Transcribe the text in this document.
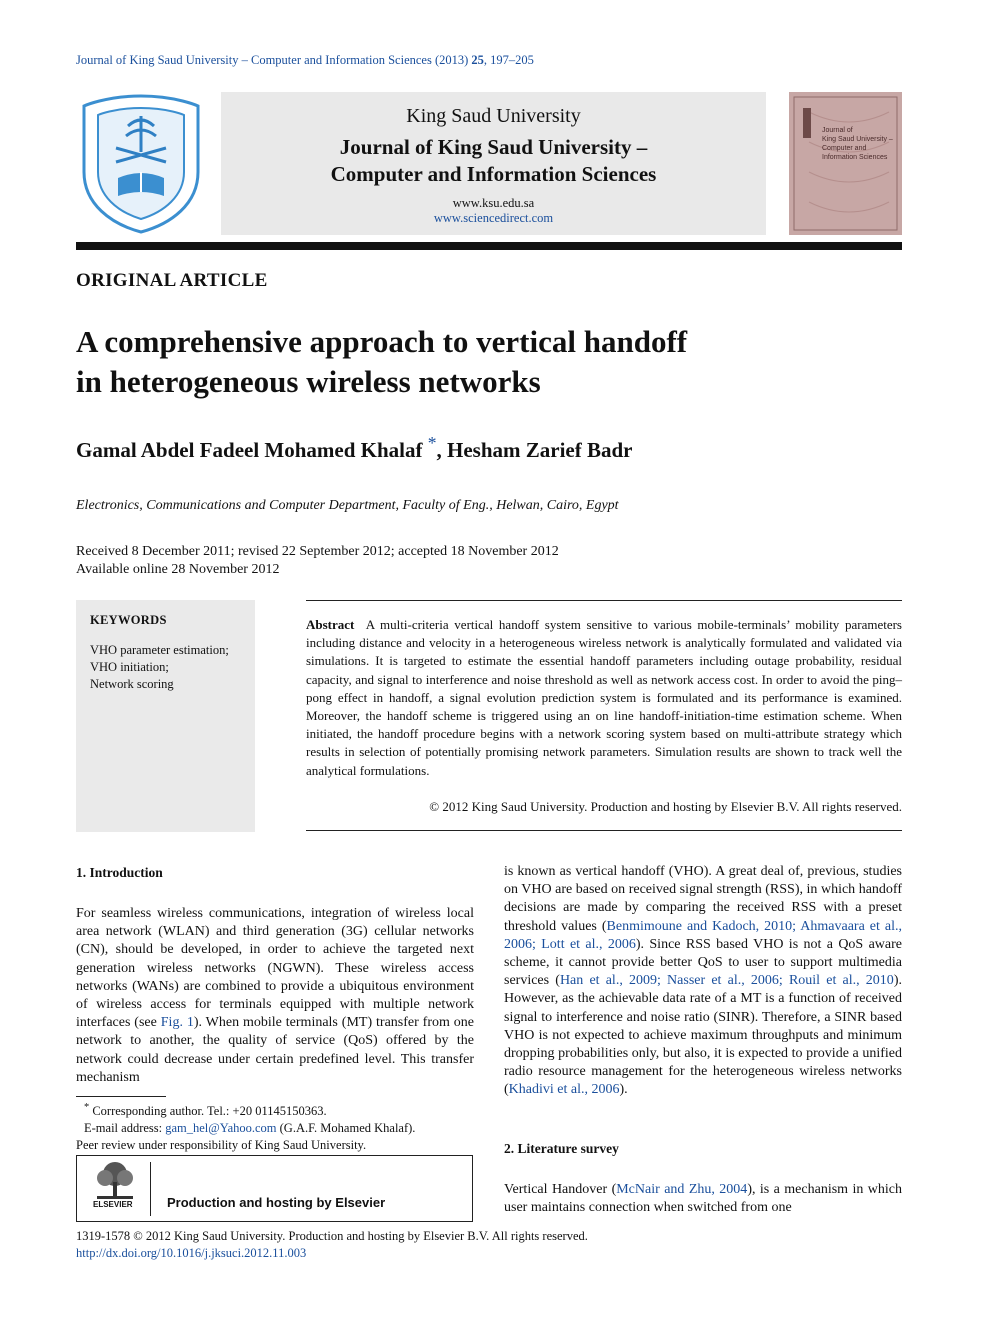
Journal of King Saud University – Computer and Information Sciences (2013) 25, 197–205
King Saud University
Journal of King Saud University –
Computer and Information Sciences
www.ksu.edu.sa
www.sciencedirect.com
Journal of
King Saud University –
Computer and
Information Sciences
ORIGINAL ARTICLE
A comprehensive approach to vertical handoff
in heterogeneous wireless networks
Gamal Abdel Fadeel Mohamed Khalaf *, Hesham Zarief Badr
Electronics, Communications and Computer Department, Faculty of Eng., Helwan, Cairo, Egypt
Received 8 December 2011; revised 22 September 2012; accepted 18 November 2012
Available online 28 November 2012
KEYWORDS
VHO parameter estimation;
VHO initiation;
Network scoring
Abstract A multi-criteria vertical handoff system sensitive to various mobile-terminals’ mobility parameters including distance and velocity in a heterogeneous wireless network is analytically formulated and validated via simulations. It is targeted to estimate the essential handoff parameters including outage probability, residual capacity, and signal to interference and noise threshold as well as network access cost. In order to avoid the ping–pong effect in handoff, a signal evolution prediction system is formulated and its performance is examined. Moreover, the handoff scheme is triggered using an on line handoff-initiation-time estimation scheme. When initiated, the handoff procedure begins with a network scoring system based on multi-attribute strategy which results in selection of potentially promising network parameters. Simulation results are shown to track well the analytical formulations.
© 2012 King Saud University. Production and hosting by Elsevier B.V. All rights reserved.
1. Introduction

For seamless wireless communications, integration of wireless local area network (WLAN) and third generation (3G) cellular networks (CN), should be developed, in order to achieve the targeted next generation wireless networks (NGWN). These wireless access networks (WANs) are combined to provide a ubiquitous environment of wireless access for terminals equipped with multiple network interfaces (see Fig. 1). When mobile terminals (MT) transfer from one network to another, the quality of service (QoS) offered by the network could decrease under certain predefined level. This transfer mechanism

* Corresponding author. Tel.: +20 01145150363.
E-mail address: gam_hel@Yahoo.com (G.A.F. Mohamed Khalaf).
Peer review under responsibility of King Saud University.
ELSEVIER	Production and hosting by Elsevier

is known as vertical handoff (VHO). A great deal of, previous, studies on VHO are based on received signal strength (RSS), in which handoff decisions are made by comparing the received RSS with a preset threshold values (Benmimoune and Kadoch, 2010; Ahmavaara et al., 2006; Lott et al., 2006). Since RSS based VHO is not a QoS aware scheme, it cannot provide better QoS to user to support multimedia services (Han et al., 2009; Nasser et al., 2006; Rouil et al., 2010). However, as the achievable data rate of a MT is a function of received signal to interference and noise ratio (SINR). Therefore, a SINR based VHO is not expected to achieve maximum throughputs and minimum dropping probabilities only, but also, it is expected to provide a unified radio resource management for the heterogeneous wireless networks (Khadivi et al., 2006).

2. Literature survey

Vertical Handover (McNair and Zhu, 2004), is a mechanism in which user maintains connection when switched from one

1319-1578 © 2012 King Saud University. Production and hosting by Elsevier B.V. All rights reserved.
http://dx.doi.org/10.1016/j.jksuci.2012.11.003
